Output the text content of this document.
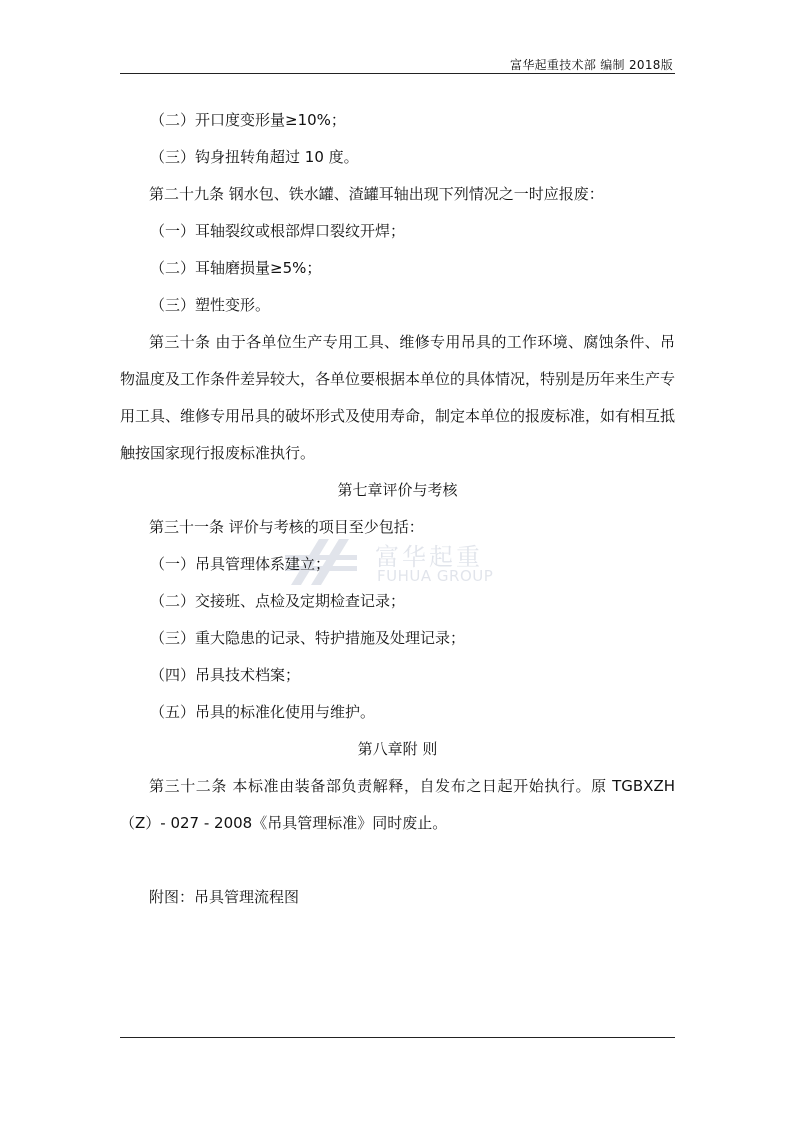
富华起重技术部 编制 2018版
富华起重
FUHUA GROUP

（二）开口度变形量≥10%；

（三）钩身扭转角超过 10 度。

第二十九条 钢水包、铁水罐、渣罐耳轴出现下列情况之一时应报废：

（一）耳轴裂纹或根部焊口裂纹开焊；

（二）耳轴磨损量≥5%；

（三）塑性变形。

第三十条 由于各单位生产专用工具、维修专用吊具的工作环境、腐蚀条件、吊物温度及工作条件差异较大，各单位要根据本单位的具体情况，特别是历年来生产专用工具、维修专用吊具的破坏形式及使用寿命，制定本单位的报废标准，如有相互抵触按国家现行报废标准执行。

第七章评价与考核

第三十一条 评价与考核的项目至少包括：

（一）吊具管理体系建立；

（二）交接班、点检及定期检查记录；

（三）重大隐患的记录、特护措施及处理记录；

（四）吊具技术档案；

（五）吊具的标准化使用与维护。

第八章附 则

第三十二条 本标准由装备部负责解释，自发布之日起开始执行。原 TGBXZH（Z）- 027 - 2008《吊具管理标准》同时废止。

附图：吊具管理流程图
